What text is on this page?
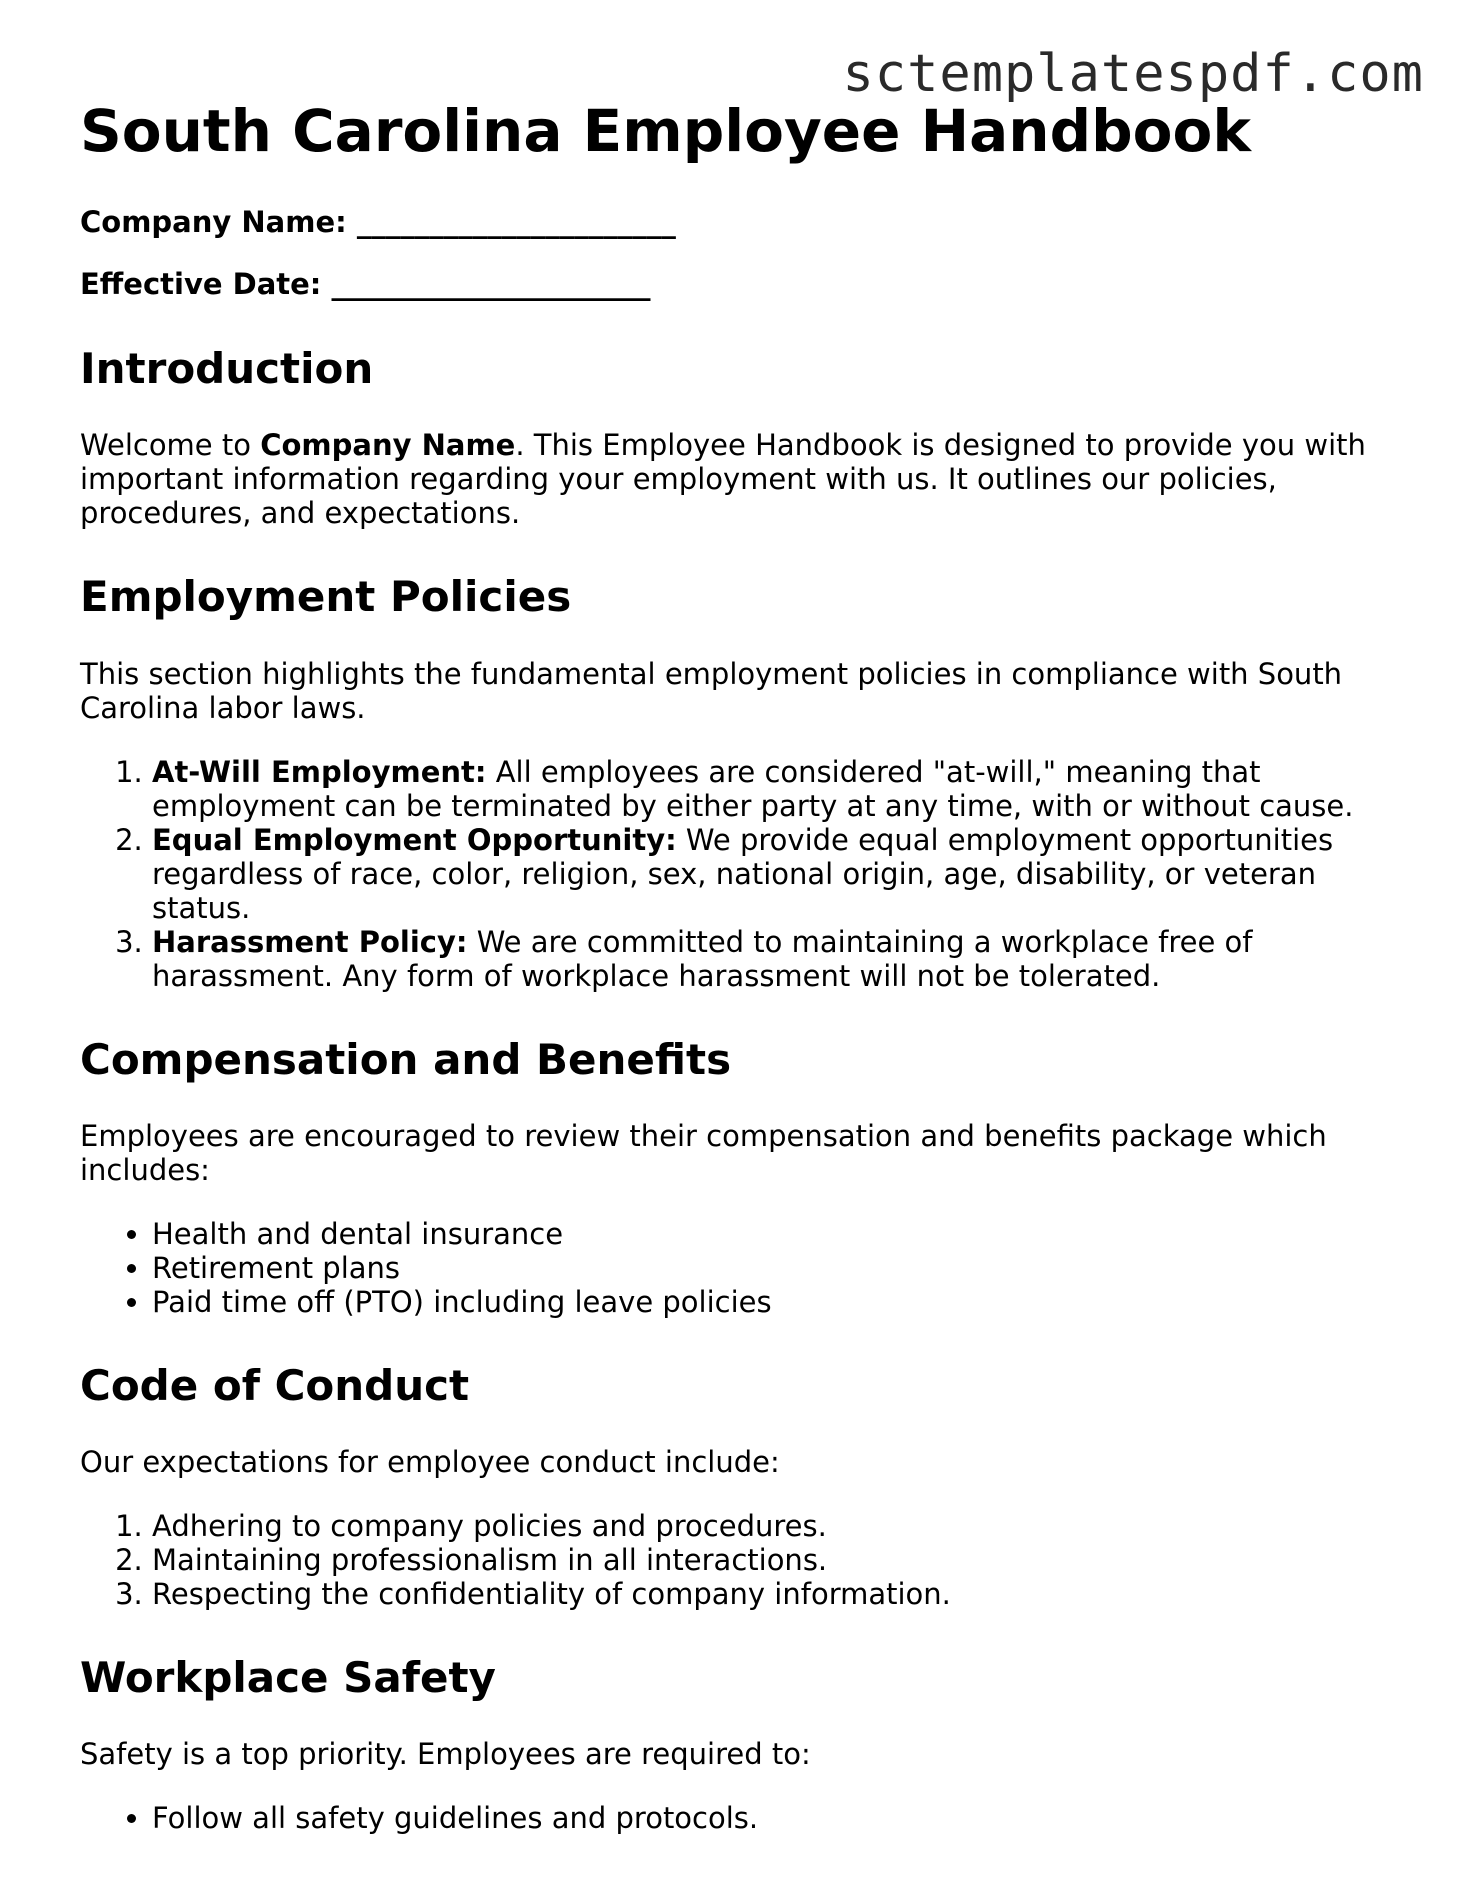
sctemplatespdf.com
South Carolina Employee Handbook
Company Name: ______________________
Effective Date: ______________________
Introduction

Welcome to Company Name. This Employee Handbook is designed to provide you with important information regarding your employment with us. It outlines our policies, procedures, and expectations.

Employment Policies

This section highlights the fundamental employment policies in compliance with South Carolina labor laws.

1. At-Will Employment: All employees are considered "at-will," meaning that employment can be terminated by either party at any time, with or without cause.
2. Equal Employment Opportunity: We provide equal employment opportunities regardless of race, color, religion, sex, national origin, age, disability, or veteran status.
3. Harassment Policy: We are committed to maintaining a workplace free of harassment. Any form of workplace harassment will not be tolerated.
Compensation and Benefits

Employees are encouraged to review their compensation and benefits package which includes:

• Health and dental insurance
• Retirement plans
• Paid time off (PTO) including leave policies
Code of Conduct

Our expectations for employee conduct include:

1. Adhering to company policies and procedures.
2. Maintaining professionalism in all interactions.
3. Respecting the confidentiality of company information.
Workplace Safety

Safety is a top priority. Employees are required to:

• Follow all safety guidelines and protocols.
